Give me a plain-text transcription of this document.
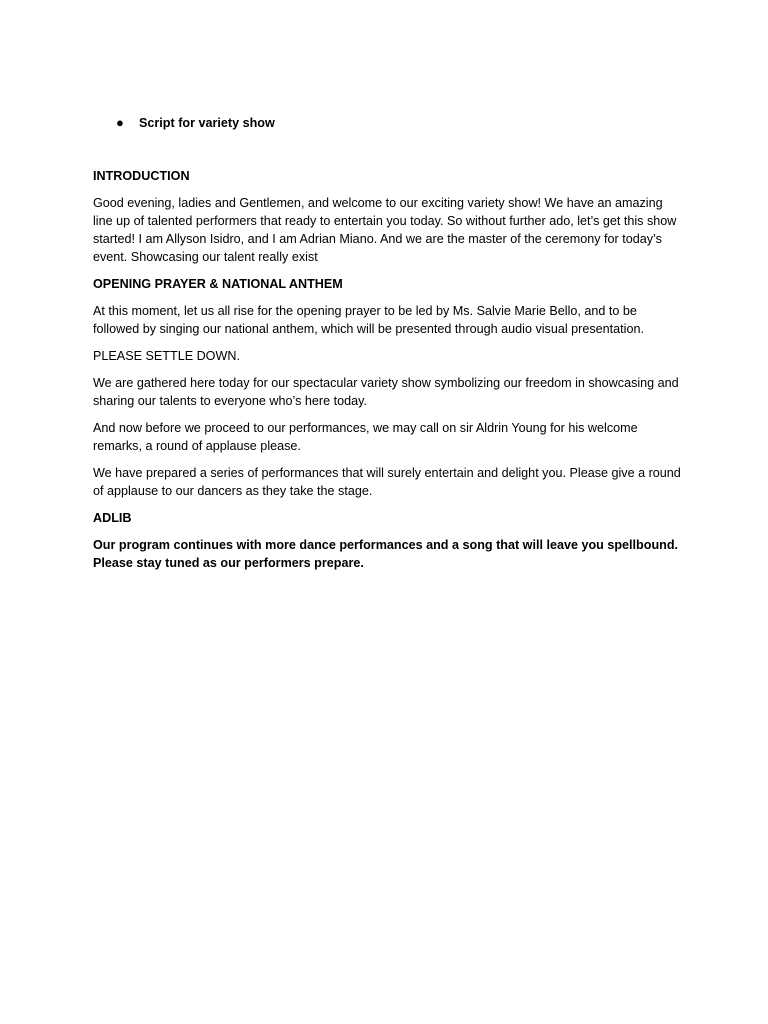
● Script for variety show

INTRODUCTION

Good evening, ladies and Gentlemen, and welcome to our exciting variety show! We have an amazing line up of talented performers that ready to entertain you today. So without further ado, let’s get this show started! I am Allyson Isidro, and I am Adrian Miano. And we are the master of the ceremony for today’s event. Showcasing our talent really exist

OPENING PRAYER & NATIONAL ANTHEM

At this moment, let us all rise for the opening prayer to be led by Ms. Salvie Marie Bello, and to be followed by singing our national anthem, which will be presented through audio visual presentation.

PLEASE SETTLE DOWN.

We are gathered here today for our spectacular variety show symbolizing our freedom in showcasing and sharing our talents to everyone who’s here today.

And now before we proceed to our performances, we may call on sir Aldrin Young for his welcome remarks, a round of applause please.

We have prepared a series of performances that will surely entertain and delight you. Please give a round of applause to our dancers as they take the stage.

ADLIB

Our program continues with more dance performances and a song that will leave you spellbound. Please stay tuned as our performers prepare.
